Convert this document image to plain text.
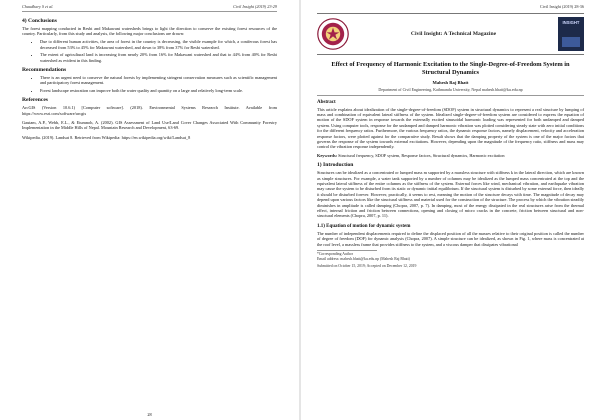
Chaudhary S et al.	Civil Insight (2019) 23-29
4) Conclusions

The forest mapping conducted in Resbi and Makawani watersheds brings to light the direction to conserve the existing forest resources of the country. Particularly, from this study and analysis, the following major conclusions are drawn:

• Due to different human activities, the area of forest in the country is decreasing, the visible example for which, a coniferous forest has decreased from 53% to 45% for Makawani watershed, and down to 38% from 37% for Resbi watershed.
• The extent of agricultural land is increasing from nearly 20% from 16% for Makawani watershed and that to 44% from 40% for Resbi watershed as evident in this finding.
Recommendations
• There is an urgent need to conserve the natural forests by implementing stringent conservation measures such as scientific management and participatory forest management.
• Forest landscape restoration can improve both the water quality and quantity on a large and relatively long-term scale.
References

ArcGIS (Version 10.6.1) [Computer software]. (2018). Environmental Systems Research Institute. Available from https://www.esri.com/software/arcgis

Gautam, A.P., Webb, E.L., & Eiumnoh, A. (2002). GIS Assessment of Land Use/Land Cover Changes Associated With Community Forestry Implementation in the Middle Hills of Nepal. Mountain Research and Development, 63-69.

Wikipedia. (2019). Landsat 8. Retrieved from Wikipedia: https://en.wikipedia.org/wiki/Landsat_8

28
Civil Insight (2019) 28-36
Civil Insight: A Technical Magazine
INSIGHT
Effect of Frequency of Harmonic Excitation to the Single-Degree-of-Freedom System in Structural Dynamics
Mahesh Raj Bhatt
Department of Civil Engineering, Kathmandu University, Nepal mahesh.bhatt@ku.edu.np
Abstract

This article explains about idealization of the single-degree-of-freedom (SDOF) system in structural dynamics to represent a real structure by lumping of mass and combination of equivalent lateral stiffness of the system. Idealized single-degree-of-freedom system are considered to express the equation of motion of the SDOF system in response towards the externally excited sinusoidal harmonic loading was represented for both undamped and damped system. Using computer tools, response for the undamped and damped harmonic vibration was plotted considering steady state with zero initial conditions for the different frequency ratios. Furthermore, the various frequency ratios, the dynamic response factors, namely displacement, velocity and acceleration response factors, were plotted against for the comparative study. Result shows that the damping property of the system is one of the major factors that governs the response of the system towards external excitations. However, depending upon the magnitude of the frequency ratio, stiffness and mass may control the vibration response independently.

Keywords: Structural frequency, SDOF system, Response factors, Structural dynamics, Harmonic excitation

1) Introduction

Structures can be idealized as a concentrated or lumped mass m supported by a massless structure with stiffness k in the lateral direction, which are known as simple structures. For example, a water tank supported by a number of columns may be idealized as the lumped mass concentrated at the top and the equivalent lateral stiffness of the entire columns as the stiffness of the system. External forces like wind, mechanical vibration, and earthquake vibration may cause the system to be disturbed from its static or dynamic initial equilibrium. If the structural system is disturbed by some external force, then ideally it should be disturbed forever. However, practically, it seems to rest, meaning the motion of the structure decays with time. The magnitude of decay may depend upon various factors like the structural stiffness and material used for the construction of the structure. The process by which the vibration steadily diminishes in amplitude is called damping (Chopra, 2007, p. 7). In damping, most of the energy dissipated in the real structures arise from the thermal effect, internal friction and friction between connections, opening and closing of micro cracks in the concrete, friction between structural and non-structural elements (Chopra, 2007, p. 11).

1.1) Equation of motion for dynamic system

The number of independent displacements required to define the displaced position of all the masses relative to their original position is called the number of degree of freedom (DOF) for dynamic analysis (Chopra, 2007). A simple structure can be idealized, as shown in Fig. 1, where mass is concentrated at the roof level, a massless frame that provides stiffness to the system, and a viscous damper that dissipates vibrational

*Corresponding Author

Email address: mahesh.bhatt@ku.edu.np (Mahesh Raj Bhatt)

Submitted on October 15, 2019; Accepted on December 12, 2019
